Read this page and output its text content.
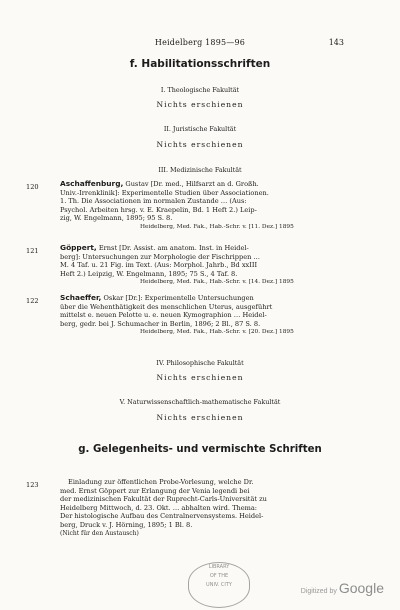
Heidelberg 1895—96	143
f. Habilitationsschriften
I. Theologische Fakultät
Nichts erschienen
II. Juristische Fakultät
Nichts erschienen
III. Medizinische Fakultät
120	Aschaffenburg, Gustav [Dr. med., Hilfsarzt an d. Großh.
Univ.-Irrenklinik]: Experimentelle Studien über Associationen.
1. Th. Die Associationen im normalen Zustande … (Aus:
Psychol. Arbeiten hrsg. v. E. Kraepelin, Bd. 1 Heft 2.) Leip-
zig, W. Engelmann, 1895; 95 S. 8.
Heidelberg, Med. Fak., Hab.-Schr. v. [11. Dez.] 1895
121	Göppert, Ernst [Dr. Assist. am anatom. Inst. in Heidel-
berg]: Untersuchungen zur Morphologie der Fischrippen …
M. 4 Taf. u. 21 Fig. im Text. (Aus: Morphol. Jahrb., Bd xxIII
Heft 2.) Leipzig, W. Engelmann, 1895; 75 S., 4 Taf. 8.
Heidelberg, Med. Fak., Hab.-Schr. v. [14. Dez.] 1895
122	Schaeffer, Oskar [Dr.]: Experimentelle Untersuchungen
über die Wehenthätigkeit des menschlichen Uterus, ausgeführt
mittelst e. neuen Pelotte u. e. neuen Kymographion … Heidel-
berg, gedr. bei J. Schumacher in Berlin, 1896; 2 Bl., 87 S. 8.
Heidelberg, Med. Fak., Hab.-Schr. v. [20. Dez.] 1895
IV. Philosophische Fakultät
Nichts erschienen
V. Naturwissenschaftlich-mathematische Fakultät
Nichts erschienen
g. Gelegenheits- und vermischte Schriften
123	Einladung zur öffentlichen Probe-Vorlesung, welche Dr.
med. Ernst Göppert zur Erlangung der Venia legendi bei
der medizinischen Fakultät der Ruprecht-Carls-Universität zu
Heidelberg Mittwoch, d. 23. Okt. … abhalten wird. Thema:
Der histologische Aufbau des Centralnervensystems. Heidel-
berg, Druck v. J. Hörning, 1895; 1 Bl. 8.
(Nicht für den Austausch)
LIBRARY
OF THE
UNIV. CITY
Digitized by Google
